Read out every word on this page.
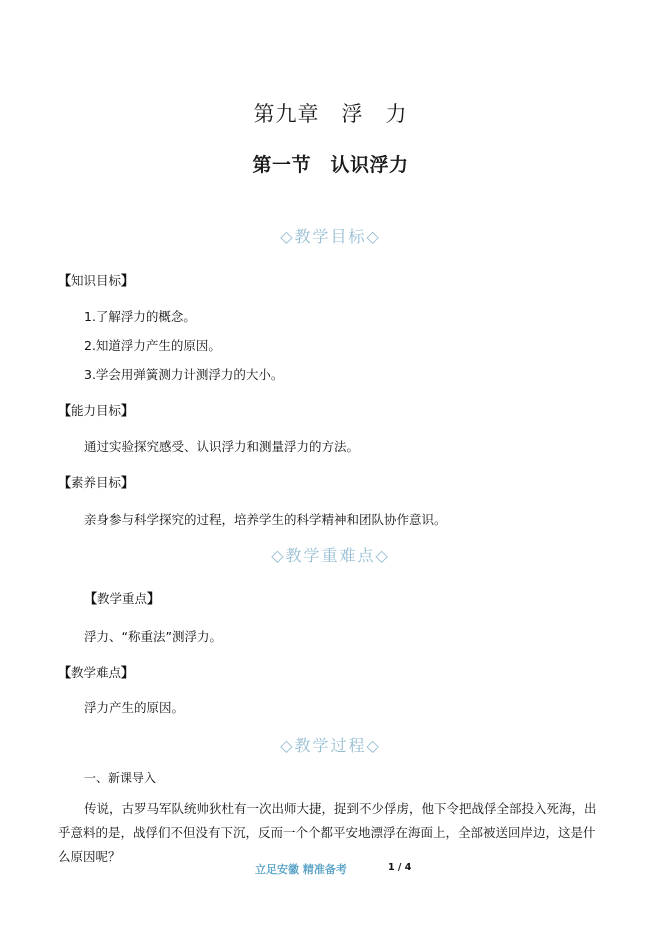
第九章　浮　力
第一节　认识浮力
◇教学目标◇
【知识目标】
1.了解浮力的概念。
2.知道浮力产生的原因。
3.学会用弹簧测力计测浮力的大小。
【能力目标】
通过实验探究感受、认识浮力和测量浮力的方法。
【素养目标】
亲身参与科学探究的过程，培养学生的科学精神和团队协作意识。
◇教学重难点◇
【教学重点】
浮力、“称重法”测浮力。
【教学难点】
浮力产生的原因。
◇教学过程◇
一、新课导入
传说，古罗马军队统帅狄杜有一次出师大捷，捉到不少俘虏，他下令把战俘全部投入死海，出乎意料的是，战俘们不但没有下沉，反而一个个都平安地漂浮在海面上，全部被送回岸边，这是什么原因呢？
立足安徽 精准备考	1 / 4
